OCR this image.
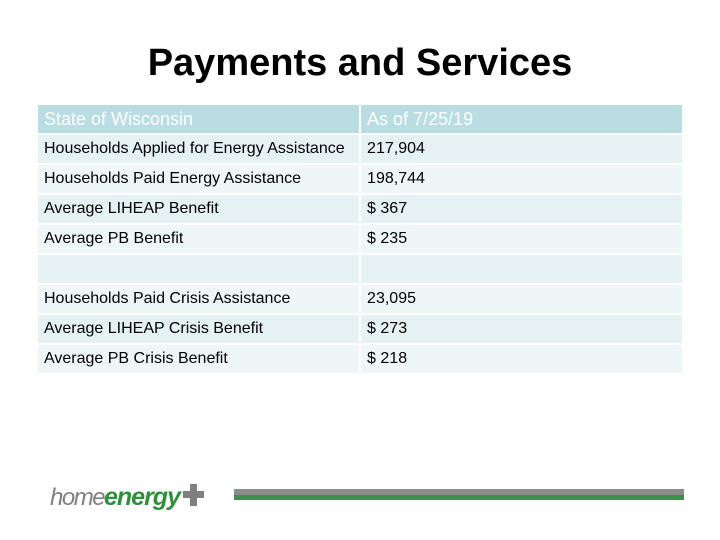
Payments and Services
State of Wisconsin	As of 7/25/19
Households Applied for Energy Assistance	217,904
Households Paid Energy Assistance	198,744
Average LIHEAP Benefit	$ 367
Average PB Benefit	$ 235

Households Paid Crisis Assistance	23,095
Average LIHEAP Crisis Benefit	$ 273
Average PB Crisis Benefit	$ 218
home energy
